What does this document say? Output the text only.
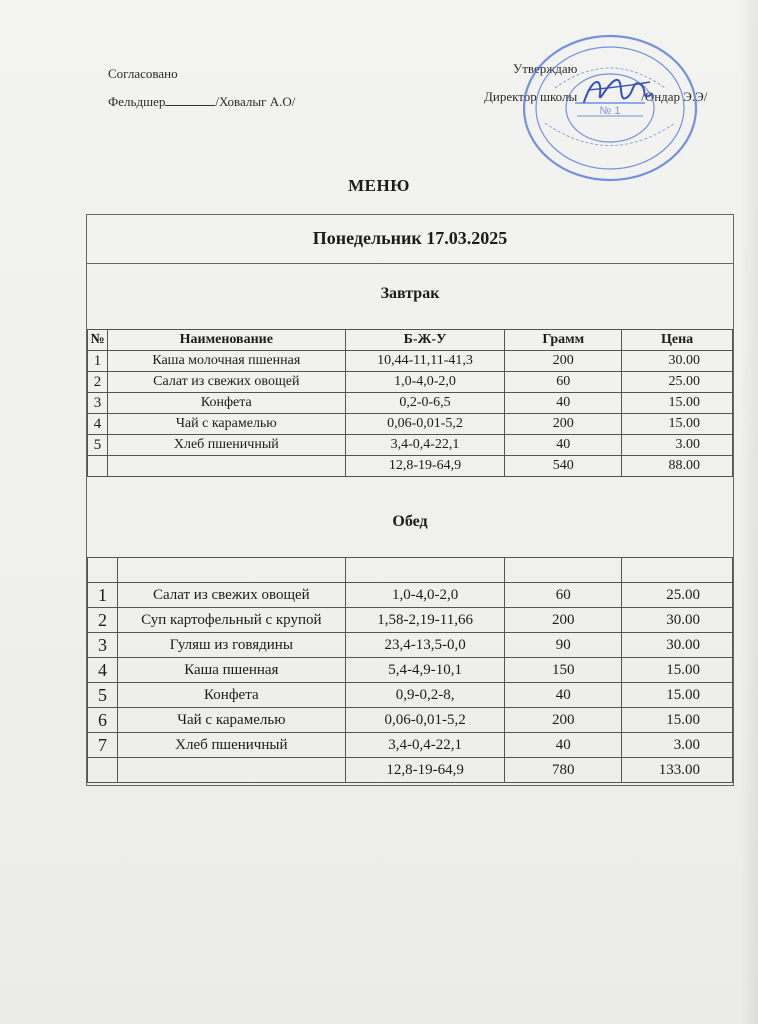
Согласовано
Фельдшер	/Ховалыг А.О/
Утверждаю
Директор школы	/Ондар Э.Э/
№ 1
МЕНЮ
Понедельник 17.03.2025
Завтрак
№	Наименование	Б-Ж-У	Грамм	Цена
1	Каша молочная пшенная	10,44-11,11-41,3	200	30.00
2	Салат из свежих овощей	1,0-4,0-2,0	60	25.00
3	Конфета	0,2-0-6,5	40	15.00
4	Чай с карамелью	0,06-0,01-5,2	200	15.00
5	Хлеб пшеничный	3,4-0,4-22,1	40	3.00
		12,8-19-64,9	540	88.00
Обед

1	Салат из свежих овощей	1,0-4,0-2,0	60	25.00
2	Суп картофельный с крупой	1,58-2,19-11,66	200	30.00
3	Гуляш из говядины	23,4-13,5-0,0	90	30.00
4	Каша пшенная	5,4-4,9-10,1	150	15.00
5	Конфета	0,9-0,2-8,	40	15.00
6	Чай с карамелью	0,06-0,01-5,2	200	15.00
7	Хлеб пшеничный	3,4-0,4-22,1	40	3.00
		12,8-19-64,9	780	133.00
